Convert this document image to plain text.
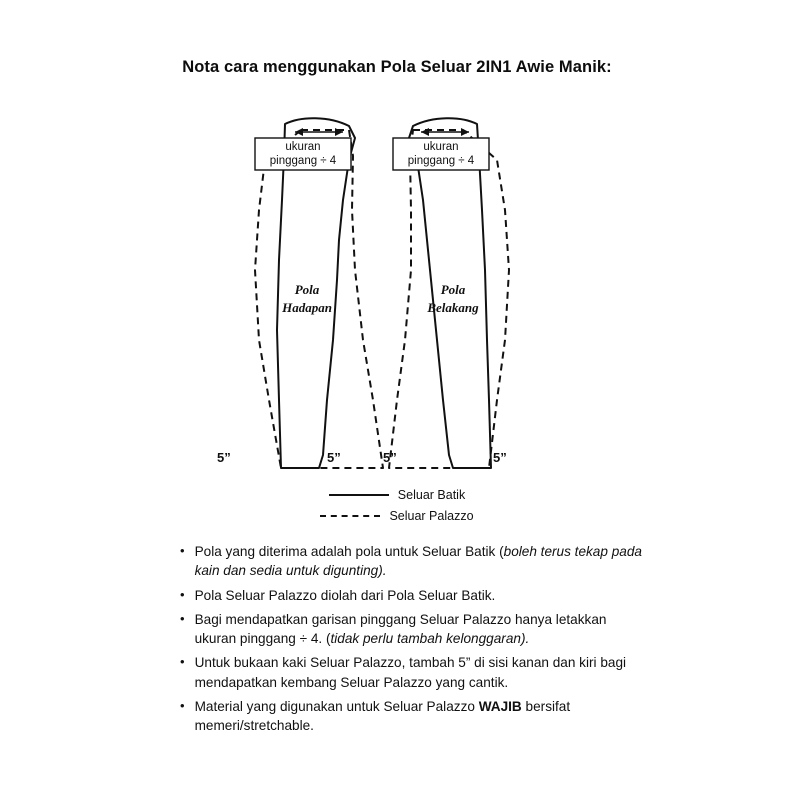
Nota cara menggunakan Pola Seluar 2IN1 Awie Manik:
ukuran
pinggang ÷ 4
ukuran
pinggang ÷ 4
Pola
Hadapan
Pola
Belakang
5”	5”	5”	5”
Seluar Batik
Seluar Palazzo
• Pola yang diterima adalah pola untuk Seluar Batik (boleh terus tekap pada kain dan sedia untuk digunting).
• Pola Seluar Palazzo diolah dari Pola Seluar Batik.
• Bagi mendapatkan garisan pinggang Seluar Palazzo hanya letakkan ukuran pinggang ÷ 4. (tidak perlu tambah kelonggaran).
• Untuk bukaan kaki Seluar Palazzo, tambah 5” di sisi kanan dan kiri bagi mendapatkan kembang Seluar Palazzo yang cantik.
• Material yang digunakan untuk Seluar Palazzo WAJIB bersifat memeri/stretchable.
